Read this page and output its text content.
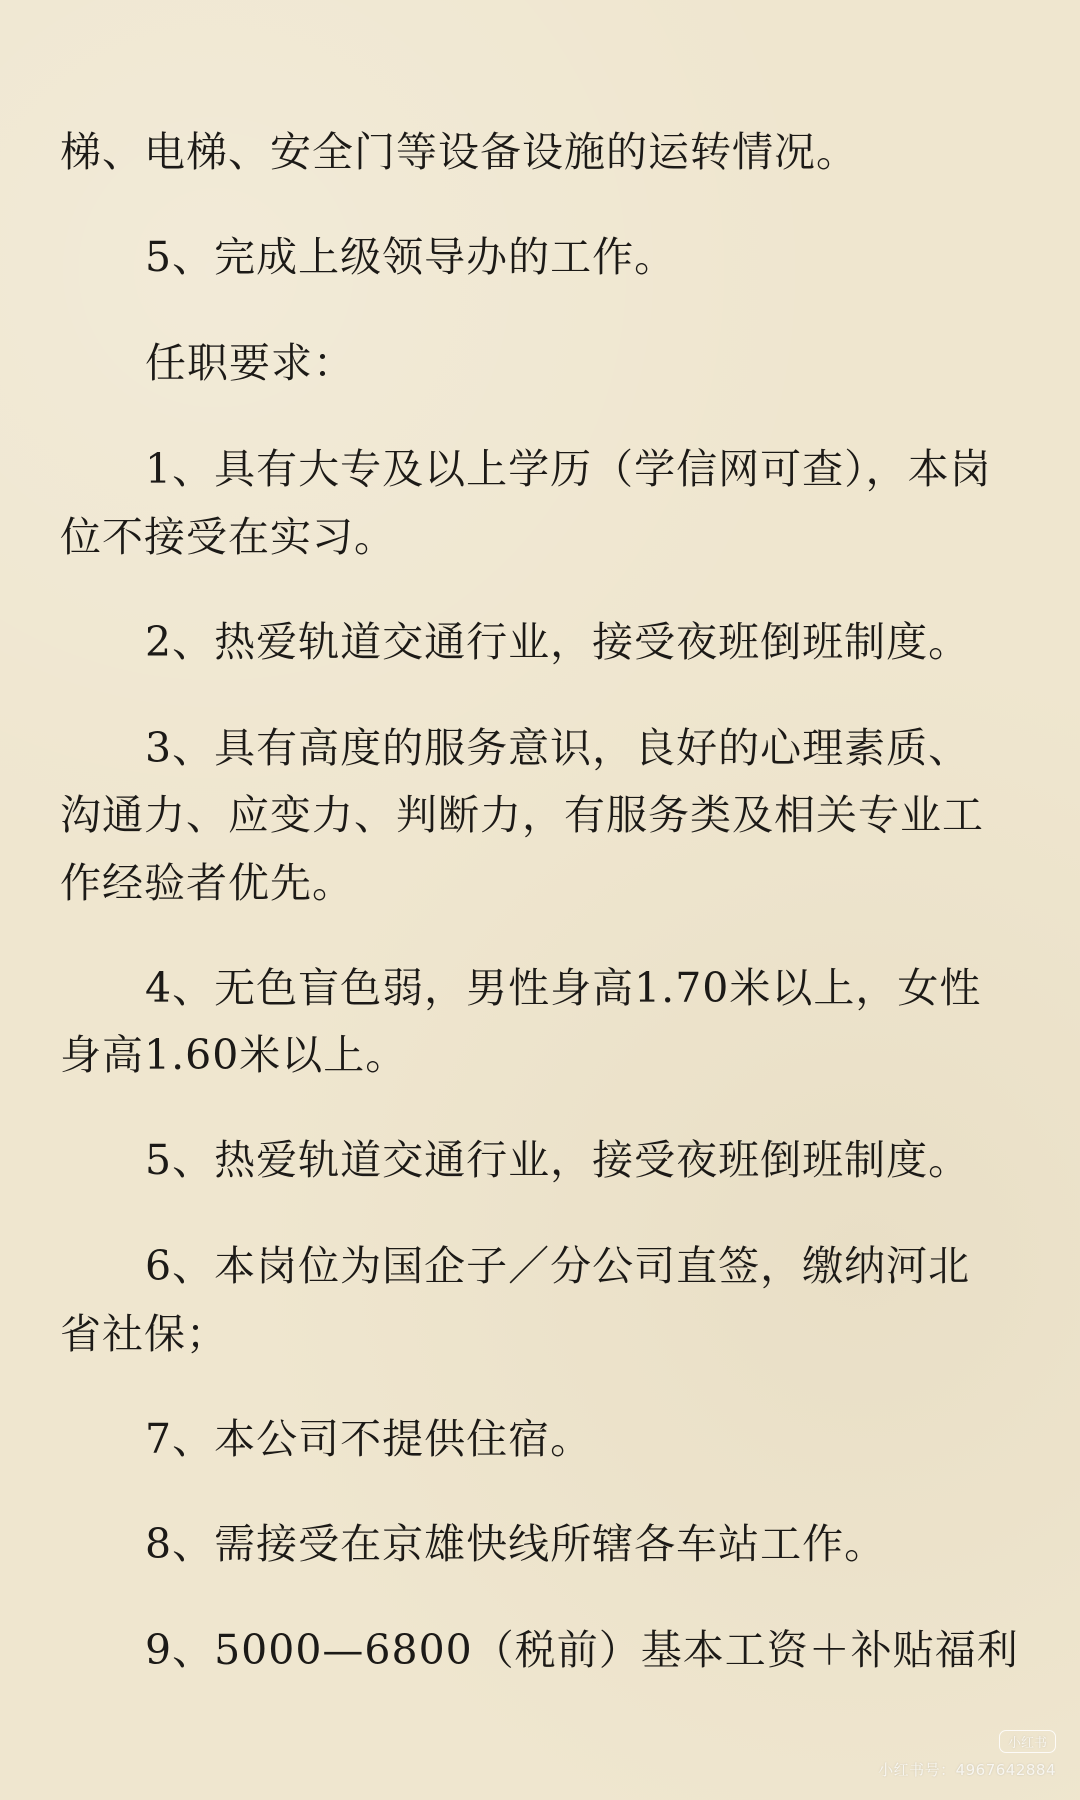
梯、电梯、安全门等设备设施的运转情况。
5、完成上级领导办的工作。
任职要求：
1、具有大专及以上学历（学信网可查），本岗
位不接受在实习。
2、热爱轨道交通行业，接受夜班倒班制度。
3、具有高度的服务意识，良好的心理素质、
沟通力、应变力、判断力，有服务类及相关专业工
作经验者优先。
4、无色盲色弱，男性身高1.70米以上，女性
身高1.60米以上。
5、热爱轨道交通行业，接受夜班倒班制度。
6、本岗位为国企子／分公司直签，缴纳河北
省社保；
7、本公司不提供住宿。
8、需接受在京雄快线所辖各车站工作。
9、5000—6800（税前）基本工资＋补贴福利
小红书
小红书号：4967642884
